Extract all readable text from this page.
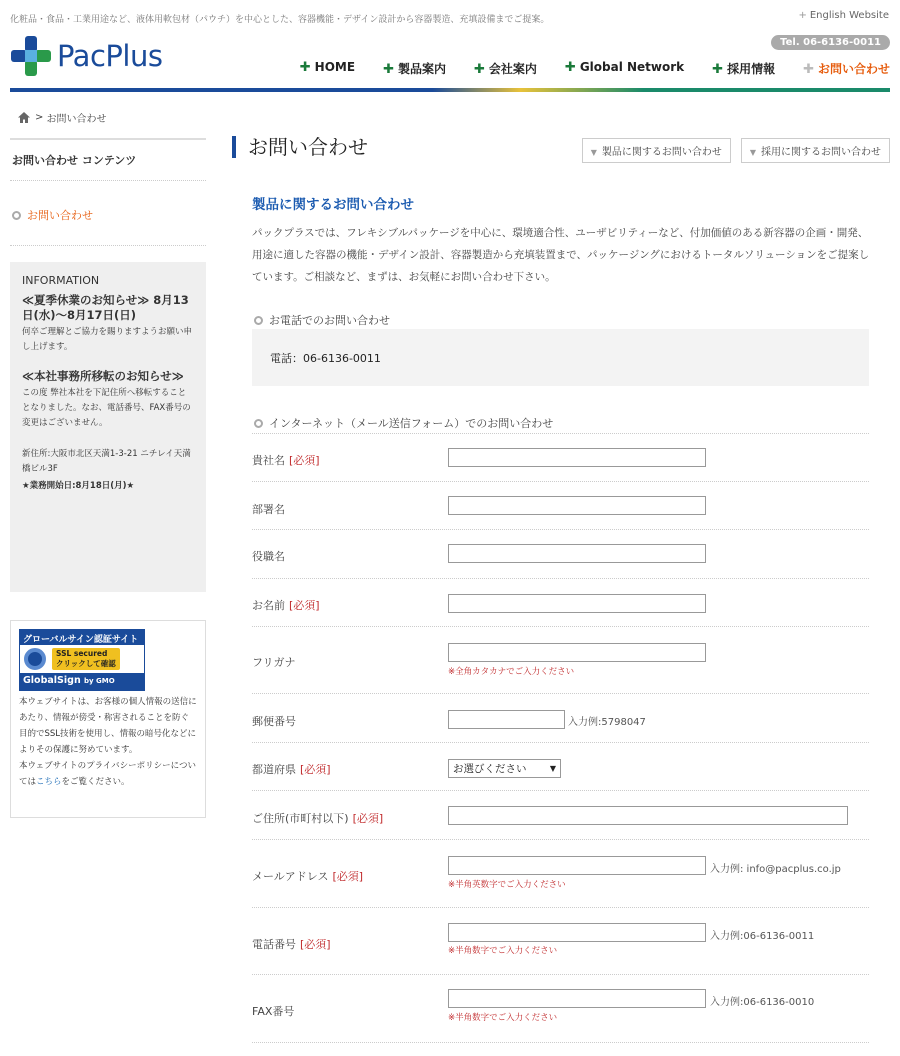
化粧品・食品・工業用途など、液体用軟包材（パウチ）を中心とした、容器機能・デザイン設計から容器製造、充填設備までご提案。	+ English Website
Tel. 06-6136-0011
PacPlus	✚ HOME ✚ 製品案内 ✚ 会社案内 ✚ Global Network ✚ 採用情報 ✚ お問い合わせ
> お問い合わせ
お問い合わせ コンテンツ
お問い合わせ
INFORMATION
≪夏季休業のお知らせ≫ 8月13日(水)～8月17日(日)
何卒ご理解とご協力を賜りますようお願い申し上げます。
≪本社事務所移転のお知らせ≫
この度 弊社本社を下記住所へ移転することとなりました。なお、電話番号、FAX番号の変更はございません。
新住所:大阪市北区天満1-3-21 ニチレイ天満橋ビル3F
★業務開始日:8月18日(月)★
グローバルサイン認証サイト
SSL secured
クリックして確認
GlobalSign by GMO
本ウェブサイトは、お客様の個人情報の送信にあたり、情報が傍受・称害されることを防ぐ目的でSSL技術を使用し、情報の暗号化などによりその保護に努めています。
本ウェブサイトのプライバシーポリシーについてはこちらをご覧ください。
お問い合わせ	▼ 製品に関するお問い合わせ	▼ 採用に関するお問い合わせ
製品に関するお問い合わせ
パックプラスでは、フレキシブルパッケージを中心に、環境適合性、ユーザビリティーなど、付加価値のある新容器の企画・開発、用途に適した容器の機能・デザイン設計、容器製造から充填装置まで、パッケージングにおけるトータルソリューションをご提案しています。ご相談など、まずは、お気軽にお問い合わせ下さい。
お電話でのお問い合わせ
電話：06-6136-0011
インターネット（メール送信フォーム）でのお問い合わせ
貴社名 [必須]
部署名
役職名
お名前 [必須]
フリガナ
※全角カタカナでご入力ください
郵便番号	入力例:5798047
都道府県 [必須]	お選びください	▼
ご住所(市町村以下) [必須]
メールアドレス [必須]
入力例: info@pacplus.co.jp
※半角英数字でご入力ください
電話番号 [必須]
入力例:06-6136-0011
※半角数字でご入力ください
FAX番号
入力例:06-6136-0010
※半角数字でご入力ください
